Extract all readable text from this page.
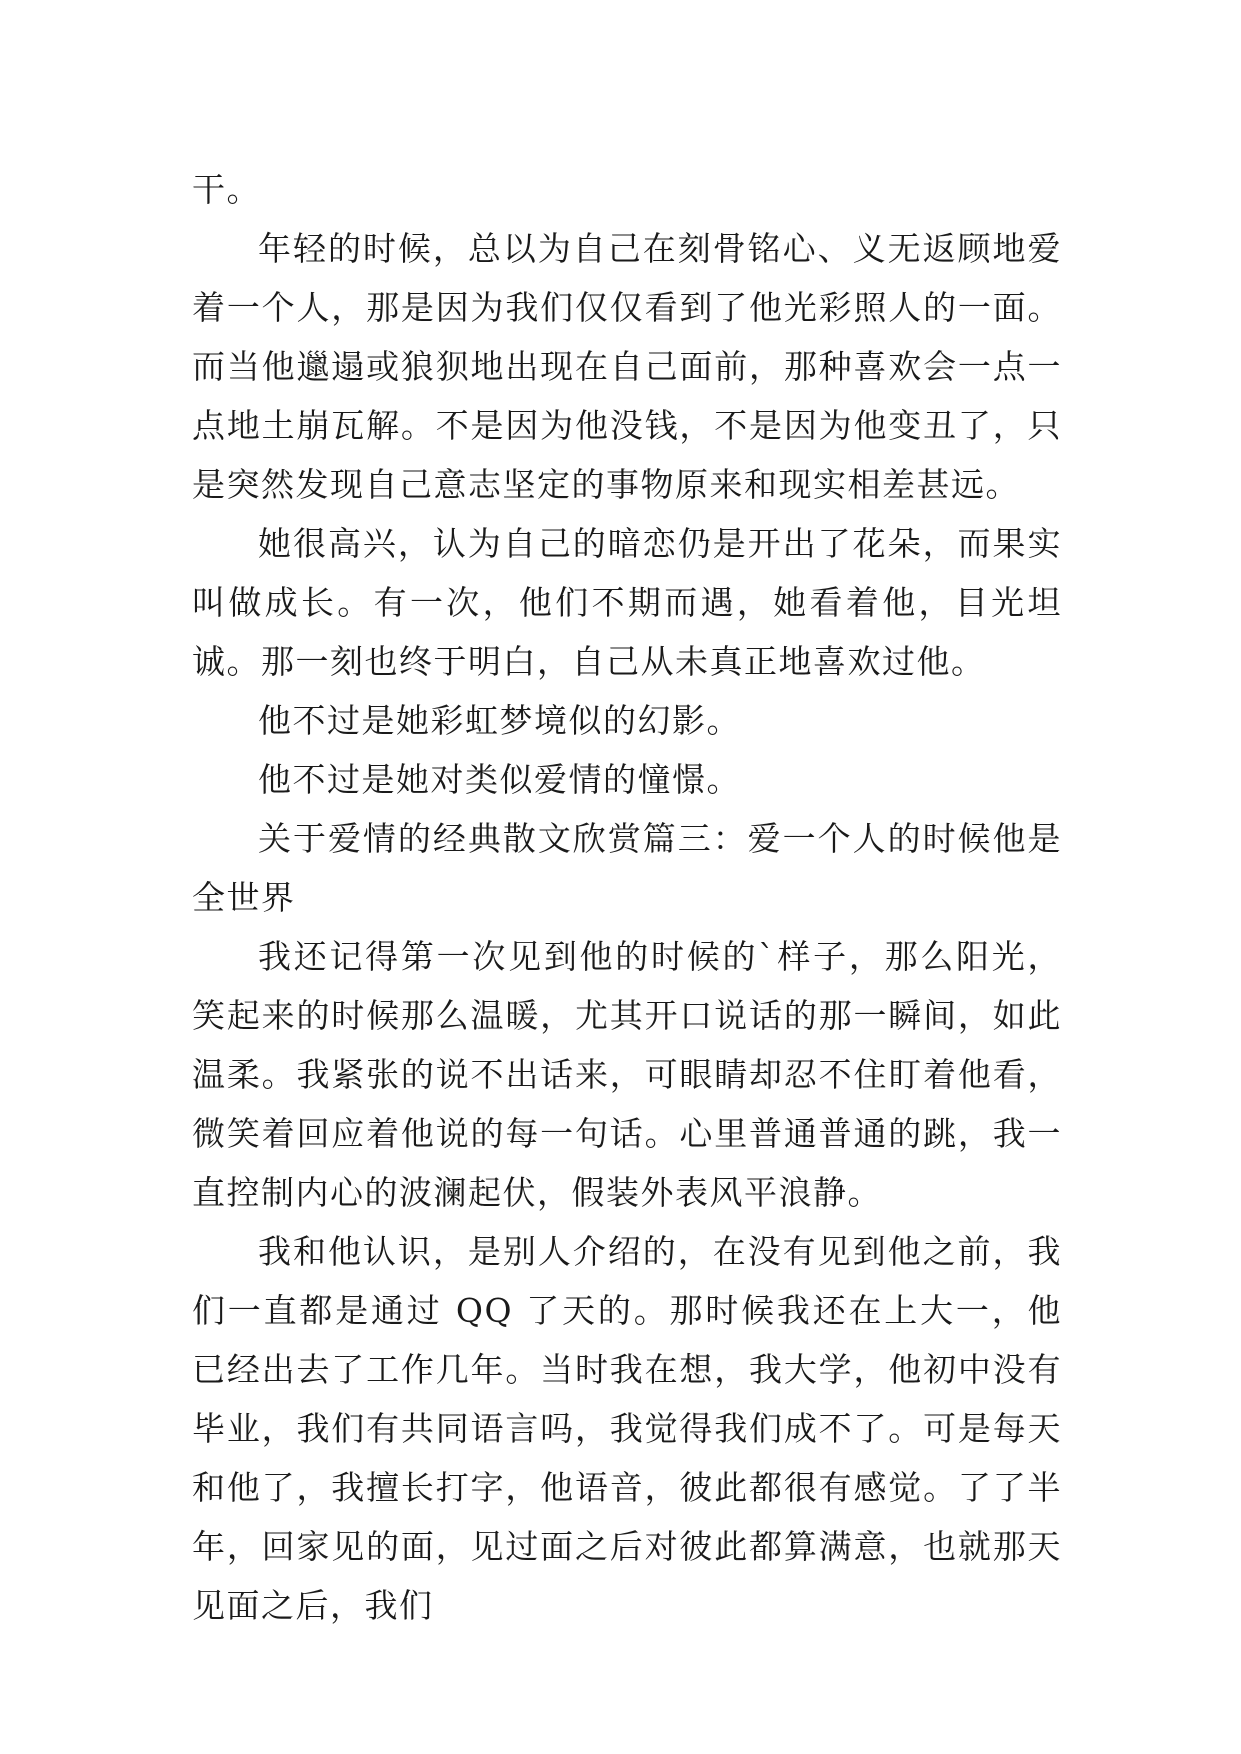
干。

年轻的时候，总以为自己在刻骨铭心、义无返顾地爱着一个人，那是因为我们仅仅看到了他光彩照人的一面。而当他邋遢或狼狈地出现在自己面前，那种喜欢会一点一点地土崩瓦解。不是因为他没钱，不是因为他变丑了，只是突然发现自己意志坚定的事物原来和现实相差甚远。

她很高兴，认为自己的暗恋仍是开出了花朵，而果实叫做成长。有一次，他们不期而遇，她看着他，目光坦诚。那一刻也终于明白，自己从未真正地喜欢过他。

他不过是她彩虹梦境似的幻影。

他不过是她对类似爱情的憧憬。

关于爱情的经典散文欣赏篇三：爱一个人的时候他是全世界

我还记得第一次见到他的时候的`样子，那么阳光，笑起来的时候那么温暖，尤其开口说话的那一瞬间，如此温柔。我紧张的说不出话来，可眼睛却忍不住盯着他看，微笑着回应着他说的每一句话。心里普通普通的跳，我一直控制内心的波澜起伏，假装外表风平浪静。

我和他认识，是别人介绍的，在没有见到他之前，我们一直都是通过 QQ 了天的。那时候我还在上大一，他已经出去了工作几年。当时我在想，我大学，他初中没有毕业，我们有共同语言吗，我觉得我们成不了。可是每天和他了，我擅长打字，他语音，彼此都很有感觉。了了半年，回家见的面，见过面之后对彼此都算满意，也就那天见面之后，我们
